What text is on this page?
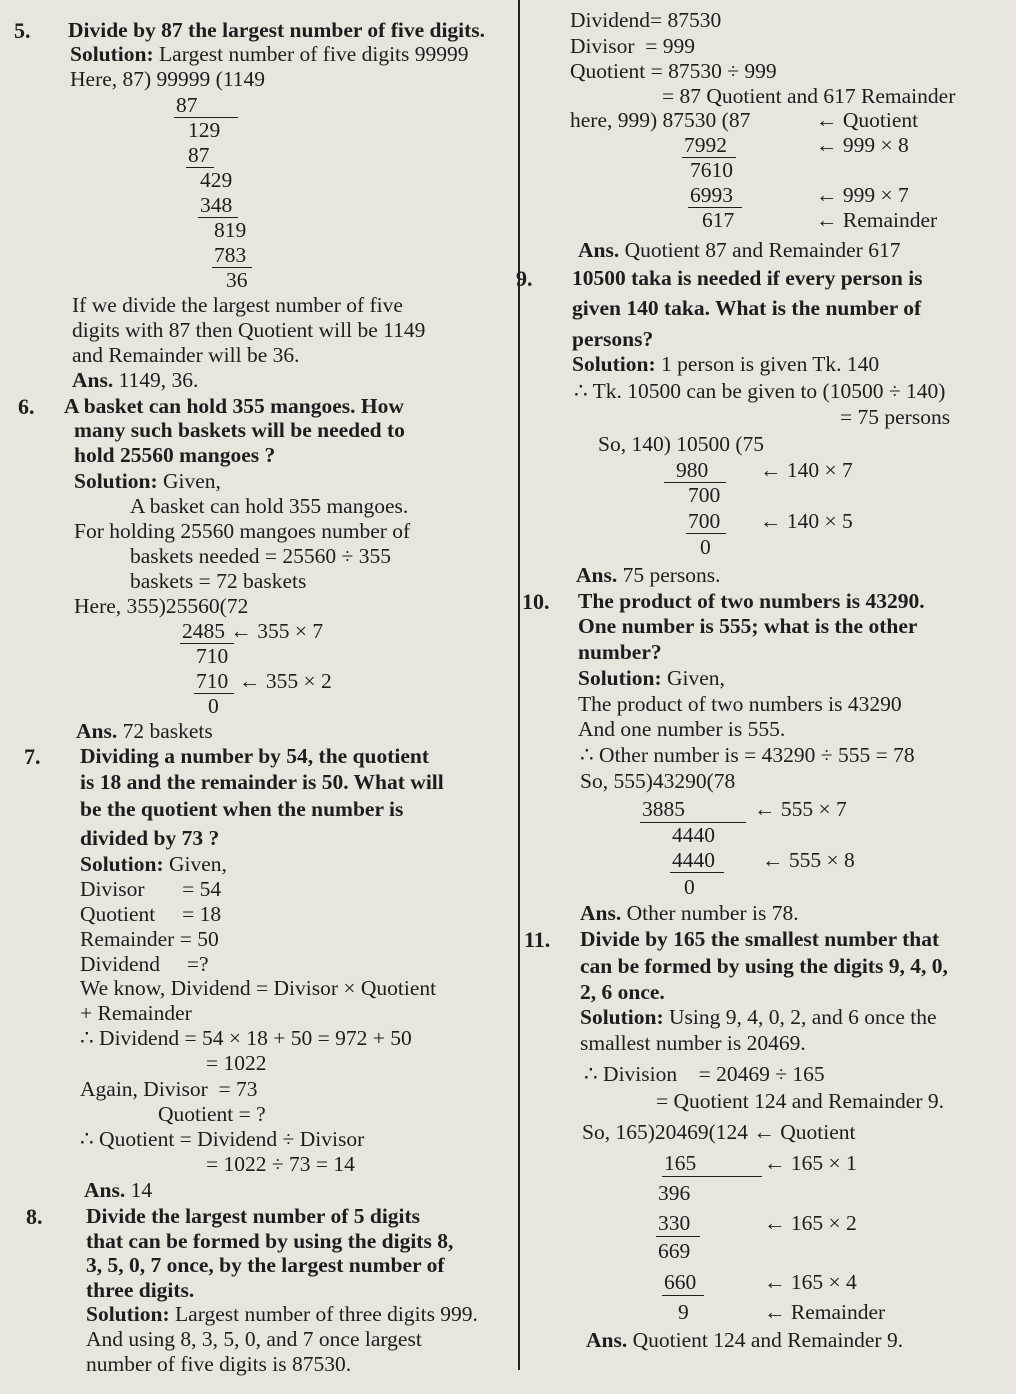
5. Divide by 87 the largest number of five digits.
Solution: Largest number of five digits 99999
Here, 87) 99999 (1149
87
129
87
429
348
819
783
36
If we divide the largest number of five
digits with 87 then Quotient will be 1149
and Remainder will be 36.
Ans. 1149, 36.
6. A basket can hold 355 mangoes. How
many such baskets will be needed to
hold 25560 mangoes ?
Solution: Given,
A basket can hold 355 mangoes.
For holding 25560 mangoes number of
baskets needed = 25560 ÷ 355
baskets = 72 baskets
Here, 355)25560(72
2485 ← 355 × 7
710
710 ← 355 × 2
0
Ans. 72 baskets
7. Dividing a number by 54, the quotient
is 18 and the remainder is 50. What will
be the quotient when the number is
divided by 73 ?
Solution: Given,
Divisor       = 54
Quotient     = 18
Remainder = 50
Dividend     =?
We know, Dividend = Divisor × Quotient
+ Remainder
∴ Dividend = 54 × 18 + 50 = 972 + 50
= 1022
Again, Divisor  = 73
Quotient = ?
∴ Quotient = Dividend ÷ Divisor
= 1022 ÷ 73 = 14
Ans. 14
8. Divide the largest number of 5 digits
that can be formed by using the digits 8,
3, 5, 0, 7 once, by the largest number of
three digits.
Solution: Largest number of three digits 999.
And using 8, 3, 5, 0, and 7 once largest
number of five digits is 87530.
Dividend= 87530
Divisor  = 999
Quotient = 87530 ÷ 999
= 87 Quotient and 617 Remainder
here, 999) 87530 (87	← Quotient
7992	← 999 × 8
7610
6993	← 999 × 7
617	← Remainder
Ans. Quotient 87 and Remainder 617
9. 10500 taka is needed if every person is
given 140 taka. What is the number of
persons?
Solution: 1 person is given Tk. 140
∴ Tk. 10500 can be given to (10500 ÷ 140)
= 75 persons
So, 140) 10500 (75
980 ← 140 × 7
700
700 ← 140 × 5
0
Ans. 75 persons.
10. The product of two numbers is 43290.
One number is 555; what is the other
number?
Solution: Given,
The product of two numbers is 43290
And one number is 555.
∴ Other number is = 43290 ÷ 555 = 78
So, 555)43290(78
3885	← 555 × 7
4440
4440 ← 555 × 8
0
Ans. Other number is 78.
11. Divide by 165 the smallest number that
can be formed by using the digits 9, 4, 0,
2, 6 once.
Solution: Using 9, 4, 0, 2, and 6 once the
smallest number is 20469.
∴ Division    = 20469 ÷ 165
= Quotient 124 and Remainder 9.
So, 165)20469(124 ← Quotient
165	← 165 × 1
396
330	← 165 × 2
669
660	← 165 × 4
9	← Remainder
Ans. Quotient 124 and Remainder 9.
